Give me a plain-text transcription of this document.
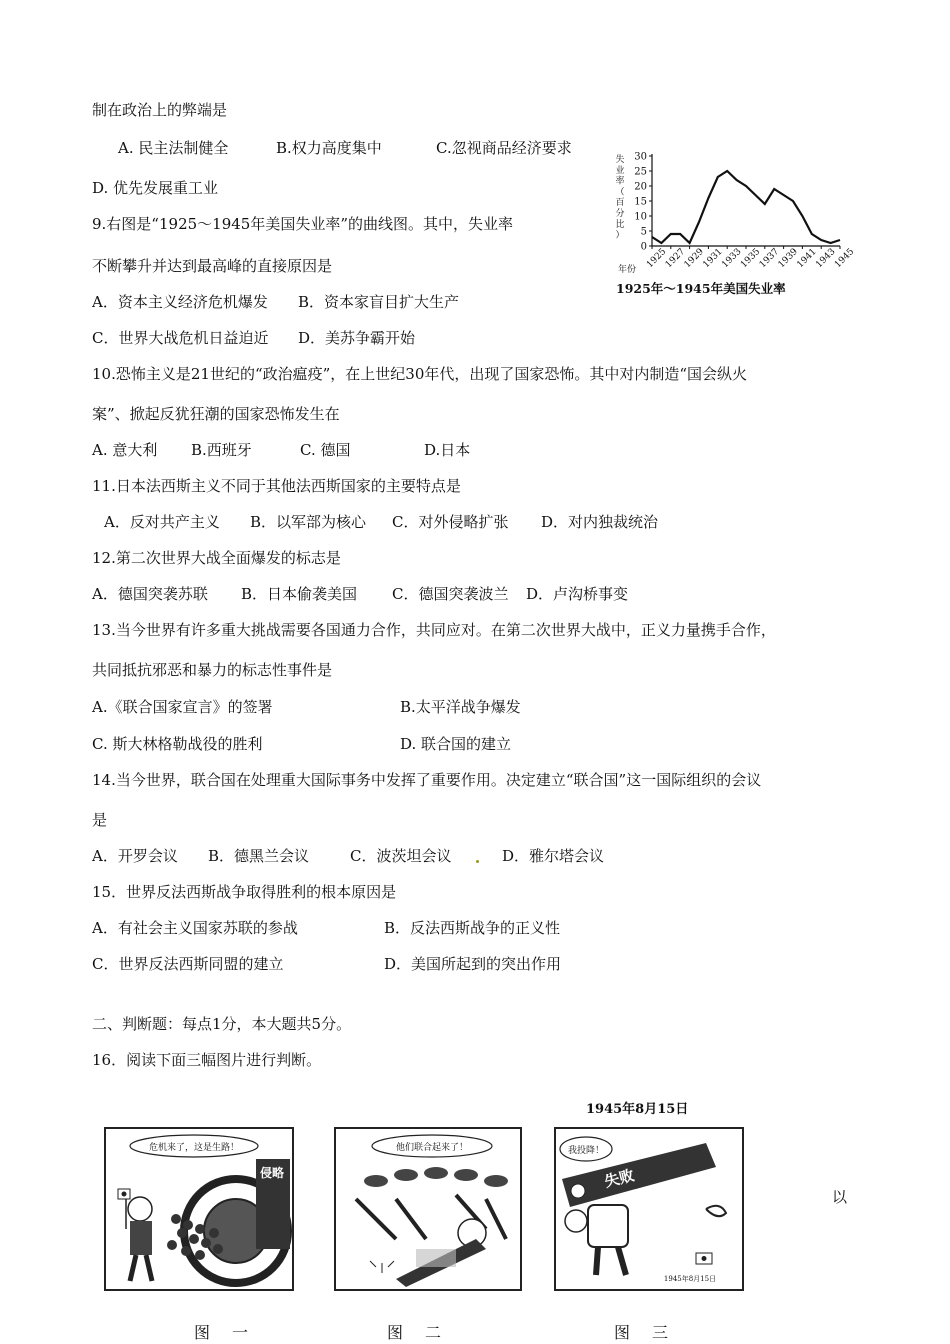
制在政治上的弊端是
A. 民主法制健全	B.权力高度集中	C.忽视商品经济要求
D. 优先发展重工业
9.右图是“1925～1945年美国失业率”的曲线图。其中，失业率
不断攀升并达到最高峰的直接原因是
A．资本主义经济危机爆发 B．资本家盲目扩大生产
C．世界大战危机日益迫近 D．美苏争霸开始
失
业
率
（
百
分
比
）
0
5
10
15
20
25
30
1925
1927
1929
1931
1933
1935
1937
1939
1941
1943
1945
年份
1925年～1945年美国失业率
10.恐怖主义是21世纪的“政治瘟疫”，在上世纪30年代，出现了国家恐怖。其中对内制造“国会纵火
案”、掀起反犹狂潮的国家恐怖发生在
A. 意大利 B.西班牙	C. 德国	D.日本
11.日本法西斯主义不同于其他法西斯国家的主要特点是
A．反对共产主义 B．以军部为核心 C．对外侵略扩张 D．对内独裁统治
12.第二次世界大战全面爆发的标志是
A．德国突袭苏联 B．日本偷袭美国 C．德国突袭波兰 D．卢沟桥事变
13.当今世界有许多重大挑战需要各国通力合作，共同应对。在第二次世界大战中，正义力量携手合作，
共同抵抗邪恶和暴力的标志性事件是
A.《联合国家宣言》的签署	B.太平洋战争爆发
C. 斯大林格勒战役的胜利	D. 联合国的建立
14.当今世界，联合国在处理重大国际事务中发挥了重要作用。决定建立“联合国”这一国际组织的会议
是
A．开罗会议 B．德黑兰会议	C．波茨坦会议	D．雅尔塔会议
15．世界反法西斯战争取得胜利的根本原因是
A．有社会主义国家苏联的参战	B．反法西斯战争的正义性
C．世界反法西斯同盟的建立	D．美国所起到的突出作用
二、判断题：每点1分，本大题共5分。
16．阅读下面三幅图片进行判断。
危机来了，这是生路！
侵略
他们联合起来了！
1945年8月15日
我投降！
失败
1945年8月15日
以
图一	图二	图三
